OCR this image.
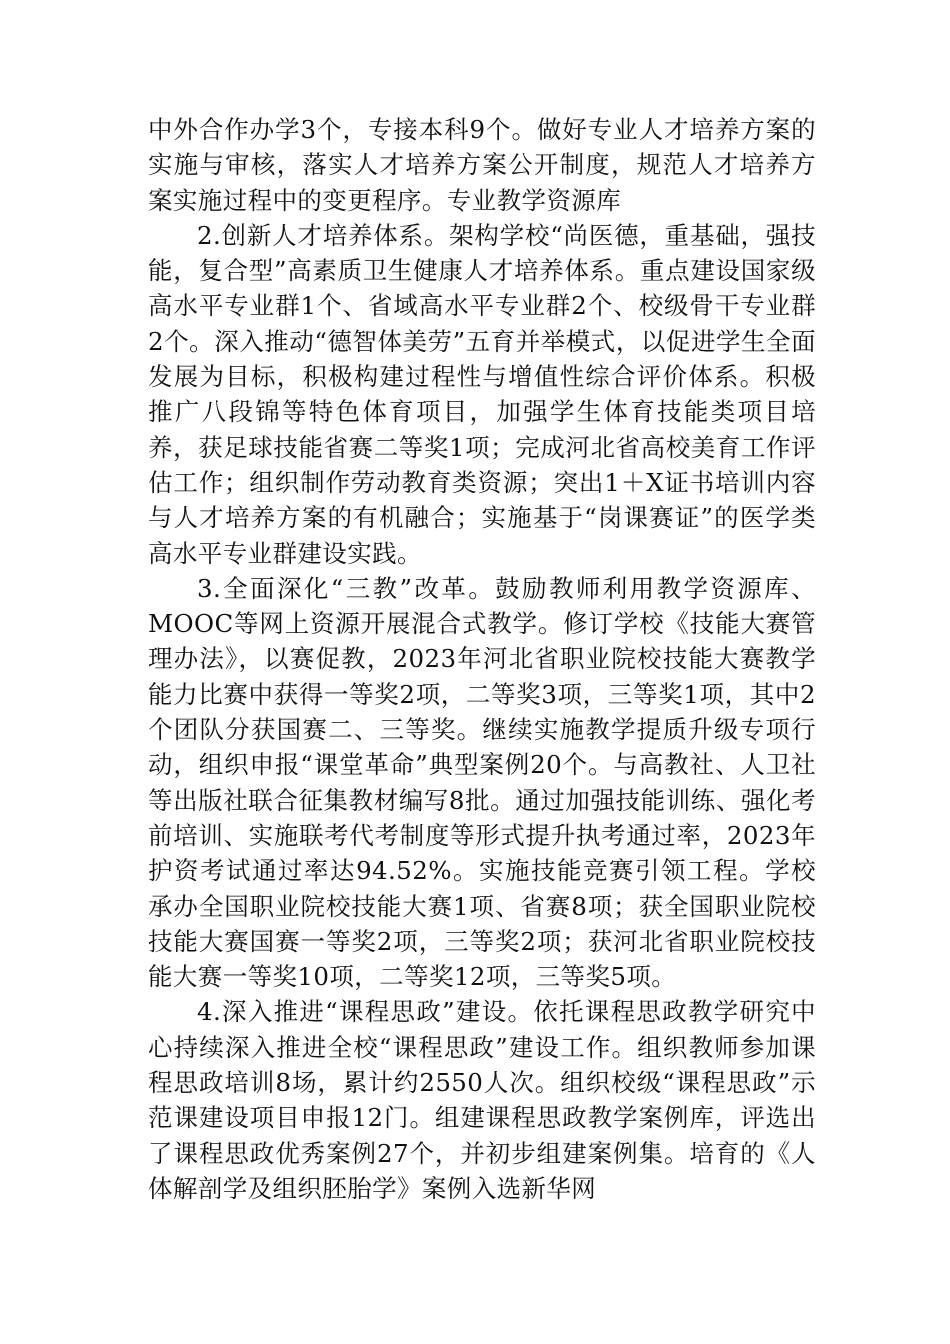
中外合作办学3个，专接本科9个。做好专业人才培养方案的实施与审核，落实人才培养方案公开制度，规范人才培养方案实施过程中的变更程序。专业教学资源库

2.创新人才培养体系。架构学校“尚医德，重基础，强技能，复合型”高素质卫生健康人才培养体系。重点建设国家级高水平专业群1个、省域高水平专业群2个、校级骨干专业群2个。深入推动“德智体美劳”五育并举模式，以促进学生全面发展为目标，积极构建过程性与增值性综合评价体系。积极推广八段锦等特色体育项目，加强学生体育技能类项目培养，获足球技能省赛二等奖1项；完成河北省高校美育工作评估工作；组织制作劳动教育类资源；突出1＋X证书培训内容与人才培养方案的有机融合；实施基于“岗课赛证”的医学类高水平专业群建设实践。

3.全面深化“三教”改革。鼓励教师利用教学资源库、MOOC等网上资源开展混合式教学。修订学校《技能大赛管理办法》，以赛促教，2023年河北省职业院校技能大赛教学能力比赛中获得一等奖2项，二等奖3项，三等奖1项，其中2个团队分获国赛二、三等奖。继续实施教学提质升级专项行动，组织申报“课堂革命”典型案例20个。与高教社、人卫社等出版社联合征集教材编写8批。通过加强技能训练、强化考前培训、实施联考代考制度等形式提升执考通过率，2023年护资考试通过率达94.52%。实施技能竞赛引领工程。学校承办全国职业院校技能大赛1项、省赛8项；获全国职业院校技能大赛国赛一等奖2项，三等奖2项；获河北省职业院校技能大赛一等奖10项，二等奖12项，三等奖5项。

4.深入推进“课程思政”建设。依托课程思政教学研究中心持续深入推进全校“课程思政”建设工作。组织教师参加课程思政培训8场，累计约2550人次。组织校级“课程思政”示范课建设项目申报12门。组建课程思政教学案例库，评选出了课程思政优秀案例27个，并初步组建案例集。培育的《人体解剖学及组织胚胎学》案例入选新华网
